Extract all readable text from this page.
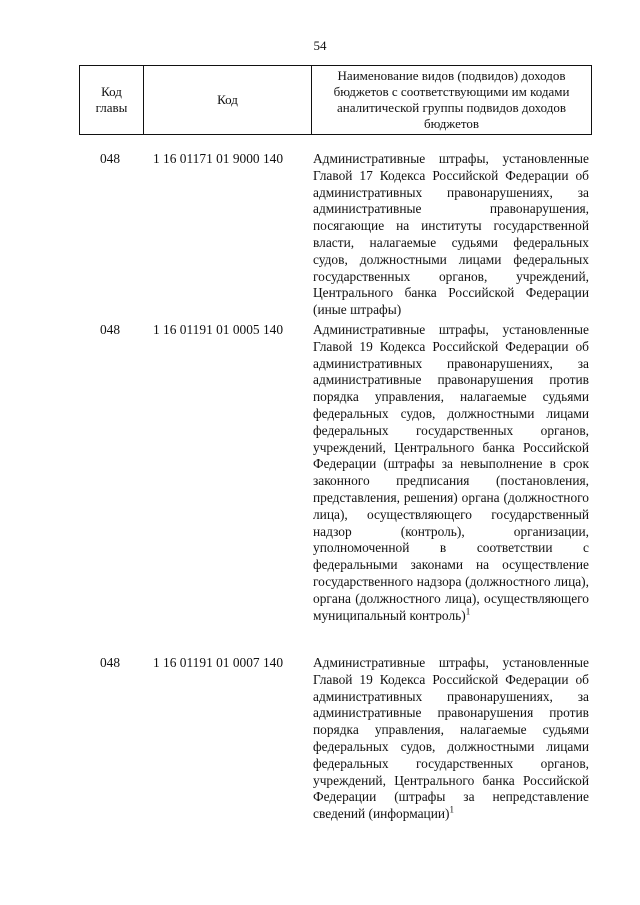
54
Код главы	Код	Наименование видов (подвидов) доходов бюджетов с соответствующими им кодами аналитической группы подвидов доходов бюджетов
048	1 16 01171 01 9000 140	Административные штрафы, установленные Главой 17 Кодекса Российской Федерации об административных правонарушениях, за административные правонарушения, посягающие на институты государственной власти, налагаемые судьями федеральных судов, должностными лицами федеральных государственных органов, учреждений, Центрального банка Российской Федерации (иные штрафы)
048	1 16 01191 01 0005 140	Административные штрафы, установленные Главой 19 Кодекса Российской Федерации об административных правонарушениях, за административные правонарушения против порядка управления, налагаемые судьями федеральных судов, должностными лицами федеральных государственных органов, учреждений, Центрального банка Российской Федерации (штрафы за невыполнение в срок законного предписания (постановления, представления, решения) органа (должностного лица), осуществляющего государственный надзор (контроль), организации, уполномоченной в соответствии с федеральными законами на осуществление государственного надзора (должностного лица), органа (должностного лица), осуществляющего муниципальный контроль)$^1$
048	1 16 01191 01 0007 140	Административные штрафы, установленные Главой 19 Кодекса Российской Федерации об административных правонарушениях, за административные правонарушения против порядка управления, налагаемые судьями федеральных судов, должностными лицами федеральных государственных органов, учреждений, Центрального банка Российской Федерации (штрафы за непредставление сведений (информации)$^1$
